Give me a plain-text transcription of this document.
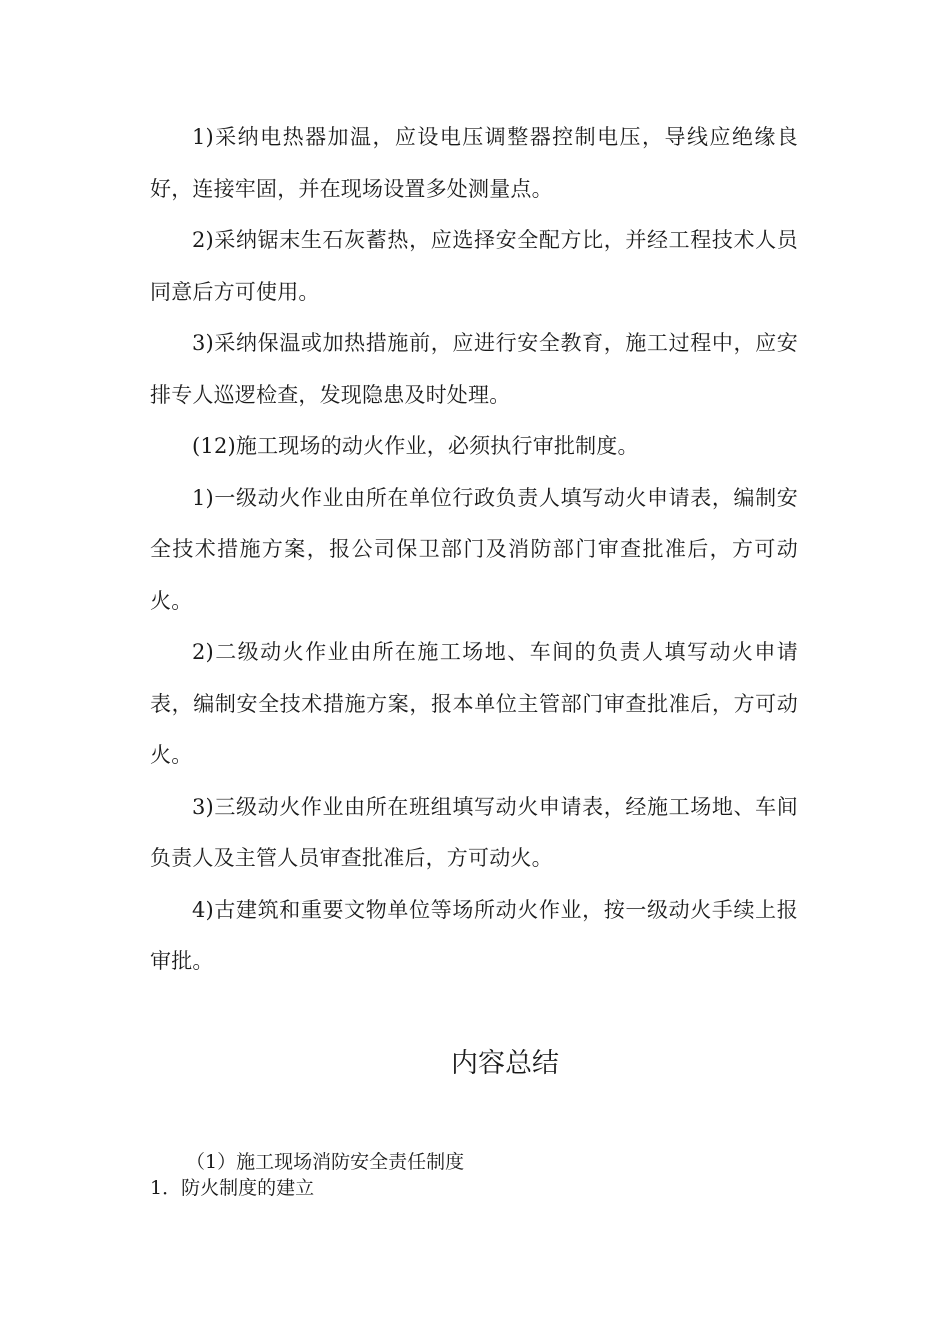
1)采纳电热器加温，应设电压调整器控制电压，导线应绝缘良好，连接牢固，并在现场设置多处测量点。

2)采纳锯末生石灰蓄热，应选择安全配方比，并经工程技术人员同意后方可使用。

3)采纳保温或加热措施前，应进行安全教育，施工过程中，应安排专人巡逻检查，发现隐患及时处理。

(12)施工现场的动火作业，必须执行审批制度。

1)一级动火作业由所在单位行政负责人填写动火申请表，编制安全技术措施方案，报公司保卫部门及消防部门审查批准后，方可动火。

2)二级动火作业由所在施工场地、车间的负责人填写动火申请表，编制安全技术措施方案，报本单位主管部门审查批准后，方可动火。

3)三级动火作业由所在班组填写动火申请表，经施工场地、车间负责人及主管人员审查批准后，方可动火。

4)古建筑和重要文物单位等场所动火作业，按一级动火手续上报审批。

内容总结

（1）施工现场消防安全责任制度

1．防火制度的建立
